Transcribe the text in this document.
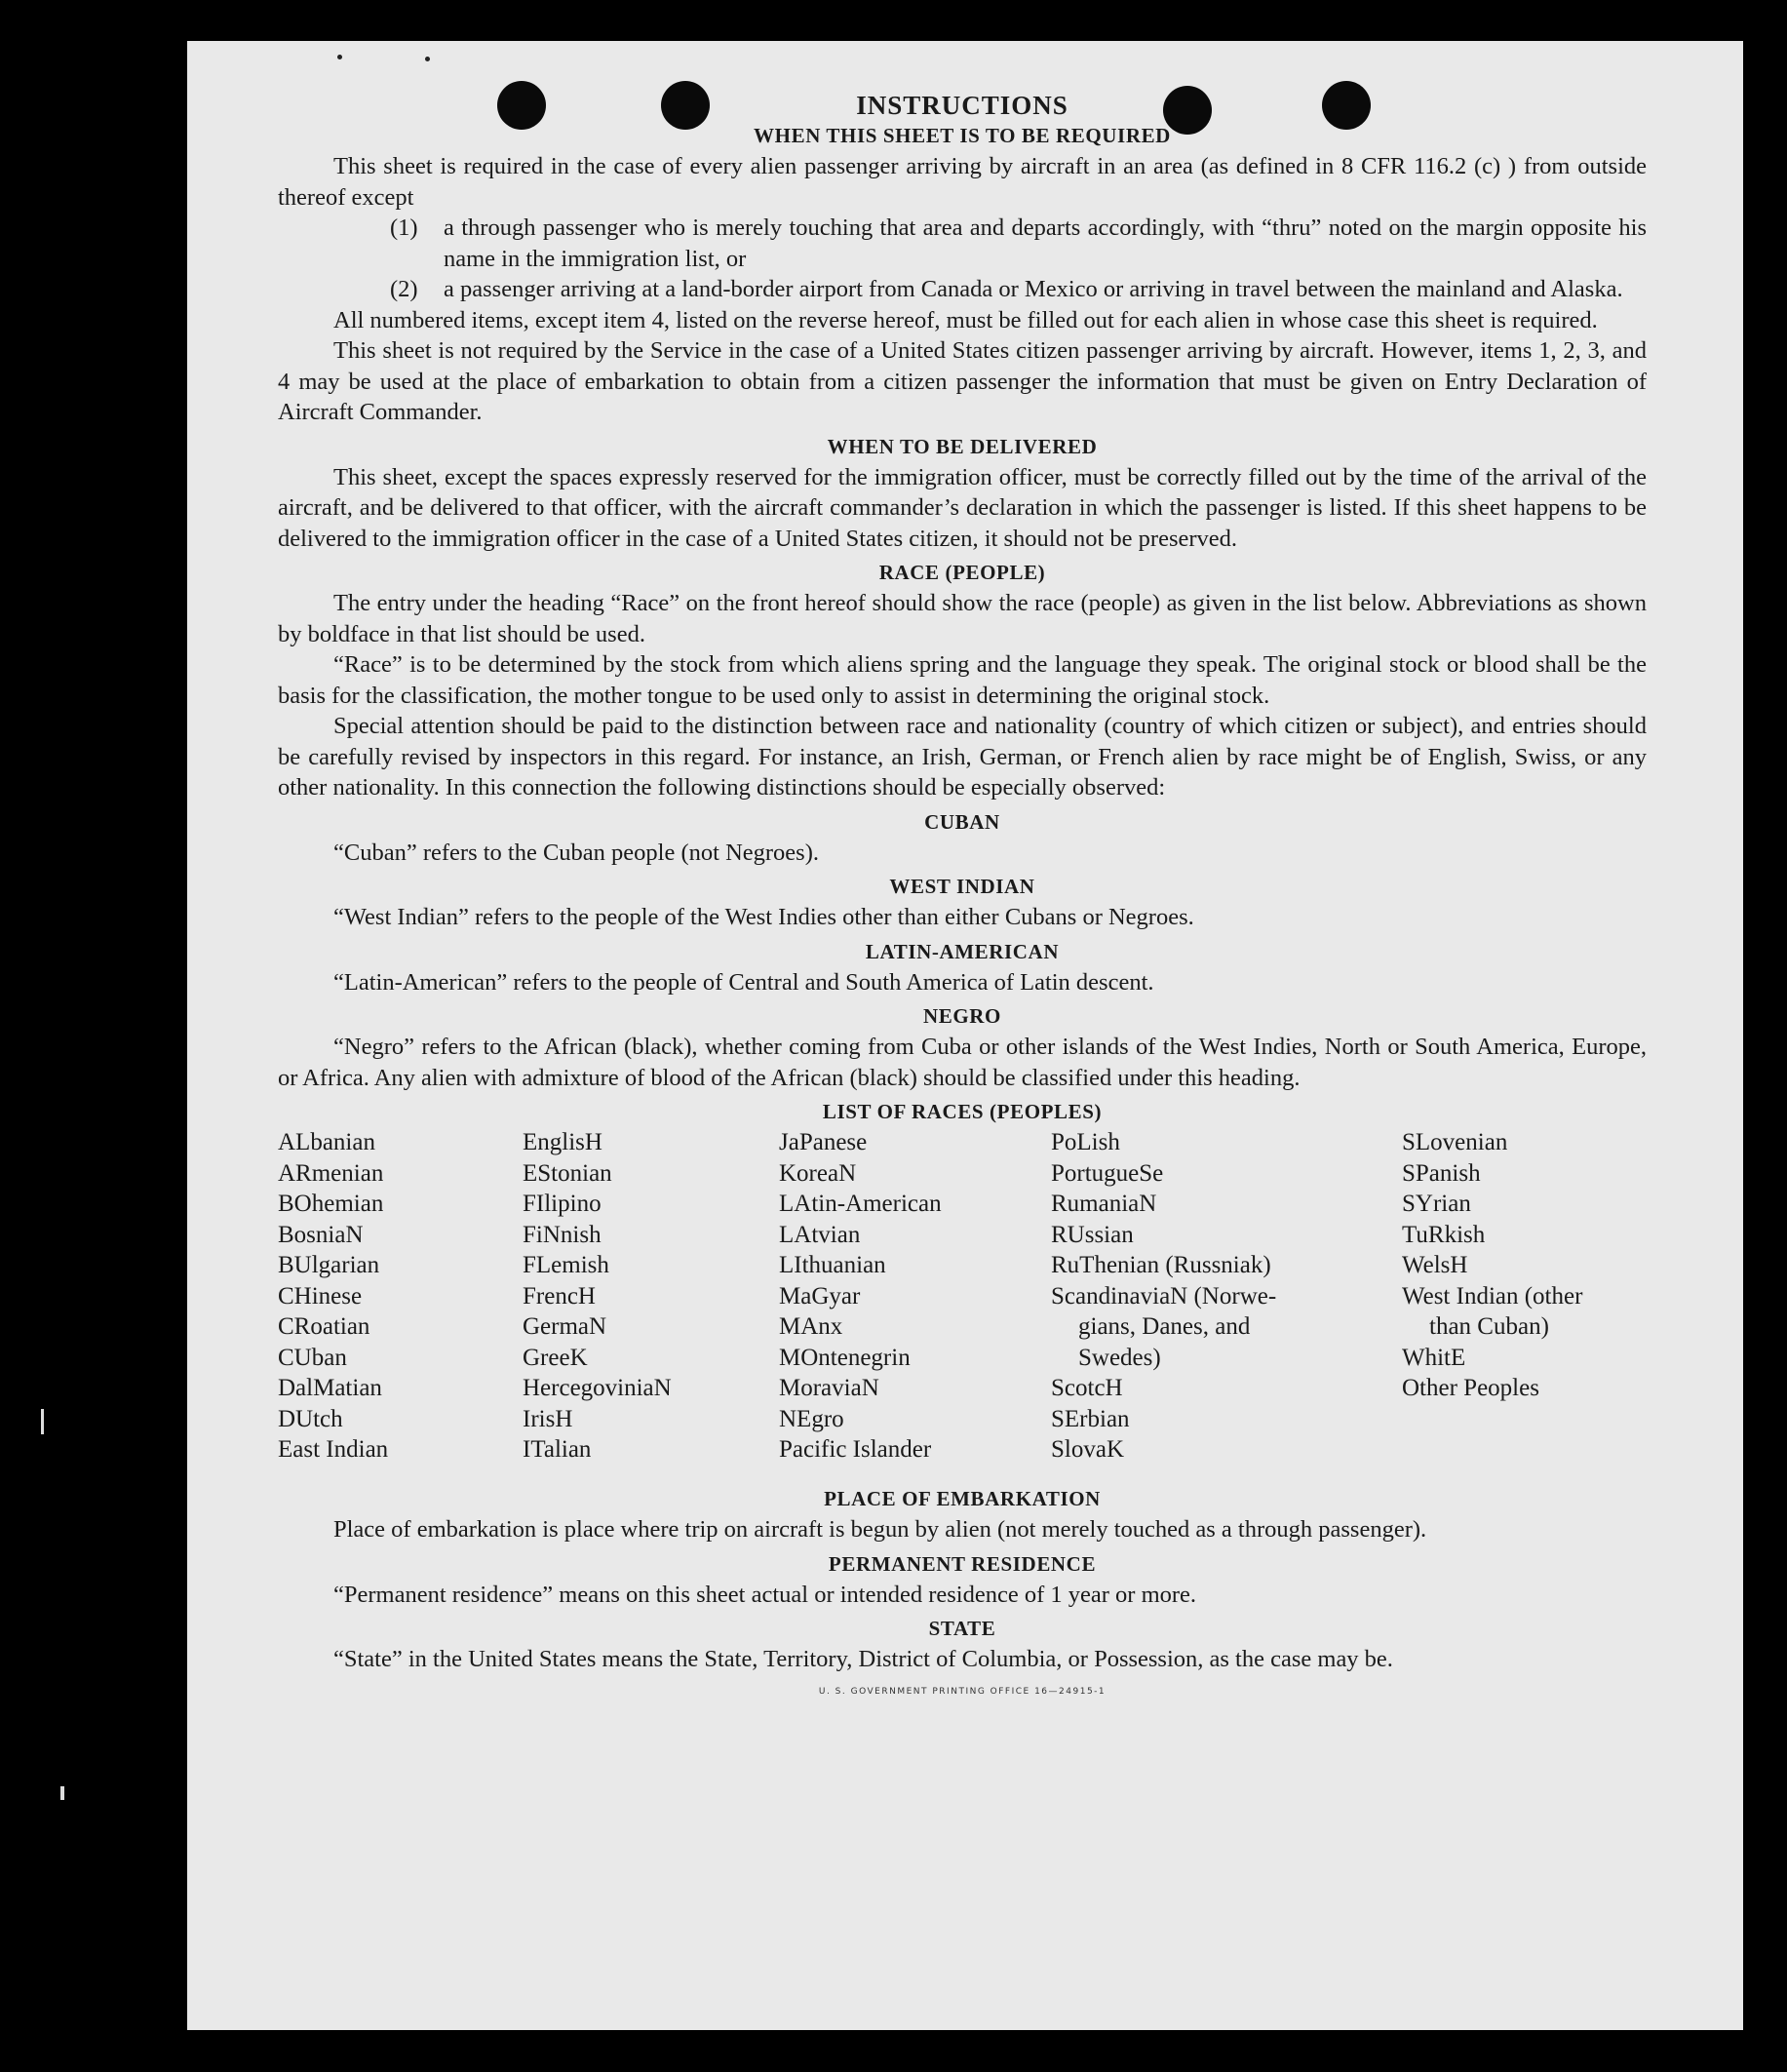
INSTRUCTIONS
WHEN THIS SHEET IS TO BE REQUIRED

This sheet is required in the case of every alien passenger arriving by aircraft in an area (as defined in 8 CFR 116.2 (c) ) from outside thereof except

(1)	a through passenger who is merely touching that area and departs accordingly, with “thru” noted on the margin opposite his name in the immigration list, or
(2)	a passenger arriving at a land-border airport from Canada or Mexico or arriving in travel between the mainland and Alaska.

All numbered items, except item 4, listed on the reverse hereof, must be filled out for each alien in whose case this sheet is required.

This sheet is not required by the Service in the case of a United States citizen passenger arriving by aircraft. However, items 1, 2, 3, and 4 may be used at the place of embarkation to obtain from a citizen passenger the information that must be given on Entry Declaration of Aircraft Commander.

WHEN TO BE DELIVERED

This sheet, except the spaces expressly reserved for the immigration officer, must be correctly filled out by the time of the arrival of the aircraft, and be delivered to that officer, with the aircraft commander’s declaration in which the passenger is listed. If this sheet happens to be delivered to the immigration officer in the case of a United States citizen, it should not be preserved.

RACE (PEOPLE)

The entry under the heading “Race” on the front hereof should show the race (people) as given in the list below. Abbreviations as shown by boldface in that list should be used.

“Race” is to be determined by the stock from which aliens spring and the language they speak. The original stock or blood shall be the basis for the classification, the mother tongue to be used only to assist in determining the original stock.

Special attention should be paid to the distinction between race and nationality (country of which citizen or subject), and entries should be carefully revised by inspectors in this regard. For instance, an Irish, German, or French alien by race might be of English, Swiss, or any other nationality. In this connection the following distinctions should be especially observed:

CUBAN

“Cuban” refers to the Cuban people (not Negroes).

WEST INDIAN

“West Indian” refers to the people of the West Indies other than either Cubans or Negroes.

LATIN-AMERICAN

“Latin-American” refers to the people of Central and South America of Latin descent.

NEGRO

“Negro” refers to the African (black), whether coming from Cuba or other islands of the West Indies, North or South America, Europe, or Africa. Any alien with admixture of blood of the African (black) should be classified under this heading.

LIST OF RACES (PEOPLES)
ALbanian
ARmenian
BOhemian
BosniaN
BUlgarian
CHinese
CRoatian
CUban
DalMatian
DUtch
East Indian
EnglisH
EStonian
FIlipino
FiNnish
FLemish
FrencH
GermaN
GreeK
HercegoviniaN
IrisH
ITalian
JaPanese
KoreaN
LAtin-American
LAtvian
LIthuanian
MaGyar
MAnx
MOntenegrin
MoraviaN
NEgro
Pacific Islander
PoLish
PortugueSe
RumaniaN
RUssian
RuThenian (Russniak)
ScandinaviaN (Norwe-
gians, Danes, and
Swedes)
ScotcH
SErbian
SlovaK
SLovenian
SPanish
SYrian
TuRkish
WelsH
West Indian (other
than Cuban)
WhitE
Other Peoples
PLACE OF EMBARKATION

Place of embarkation is place where trip on aircraft is begun by alien (not merely touched as a through passenger).

PERMANENT RESIDENCE

“Permanent residence” means on this sheet actual or intended residence of 1 year or more.

STATE

“State” in the United States means the State, Territory, District of Columbia, or Possession, as the case may be.

U. S. GOVERNMENT PRINTING OFFICE 16—24915-1
